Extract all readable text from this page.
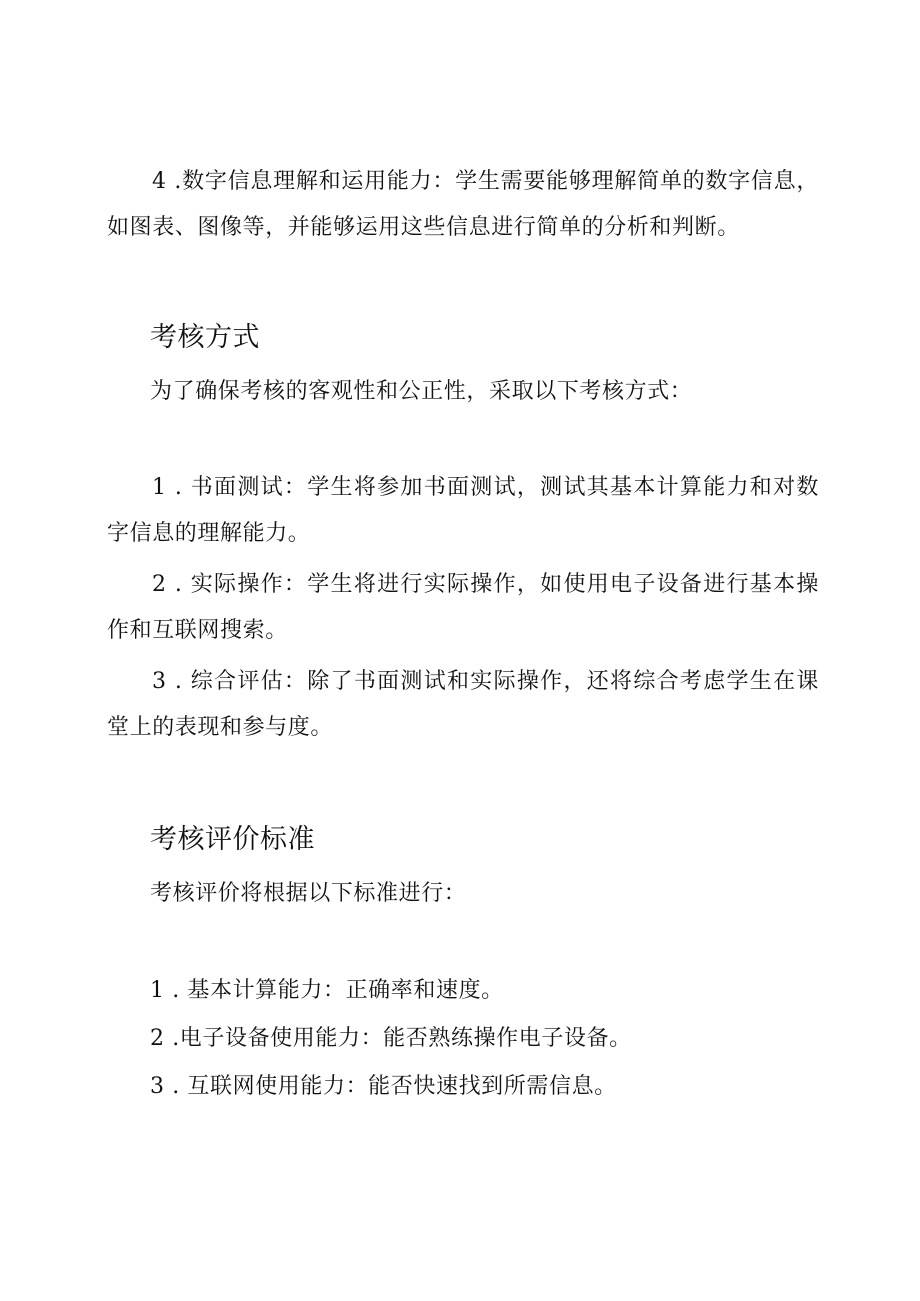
4 .数字信息理解和运用能力：学生需要能够理解简单的数字信息，如图表、图像等，并能够运用这些信息进行简单的分析和判断。

考核方式

为了确保考核的客观性和公正性，采取以下考核方式：

1 . 书面测试：学生将参加书面测试，测试其基本计算能力和对数字信息的理解能力。

2 . 实际操作：学生将进行实际操作，如使用电子设备进行基本操作和互联网搜索。

3 . 综合评估：除了书面测试和实际操作，还将综合考虑学生在课堂上的表现和参与度。

考核评价标准

考核评价将根据以下标准进行：

1 . 基本计算能力：正确率和速度。

2 .电子设备使用能力：能否熟练操作电子设备。

3 . 互联网使用能力：能否快速找到所需信息。
